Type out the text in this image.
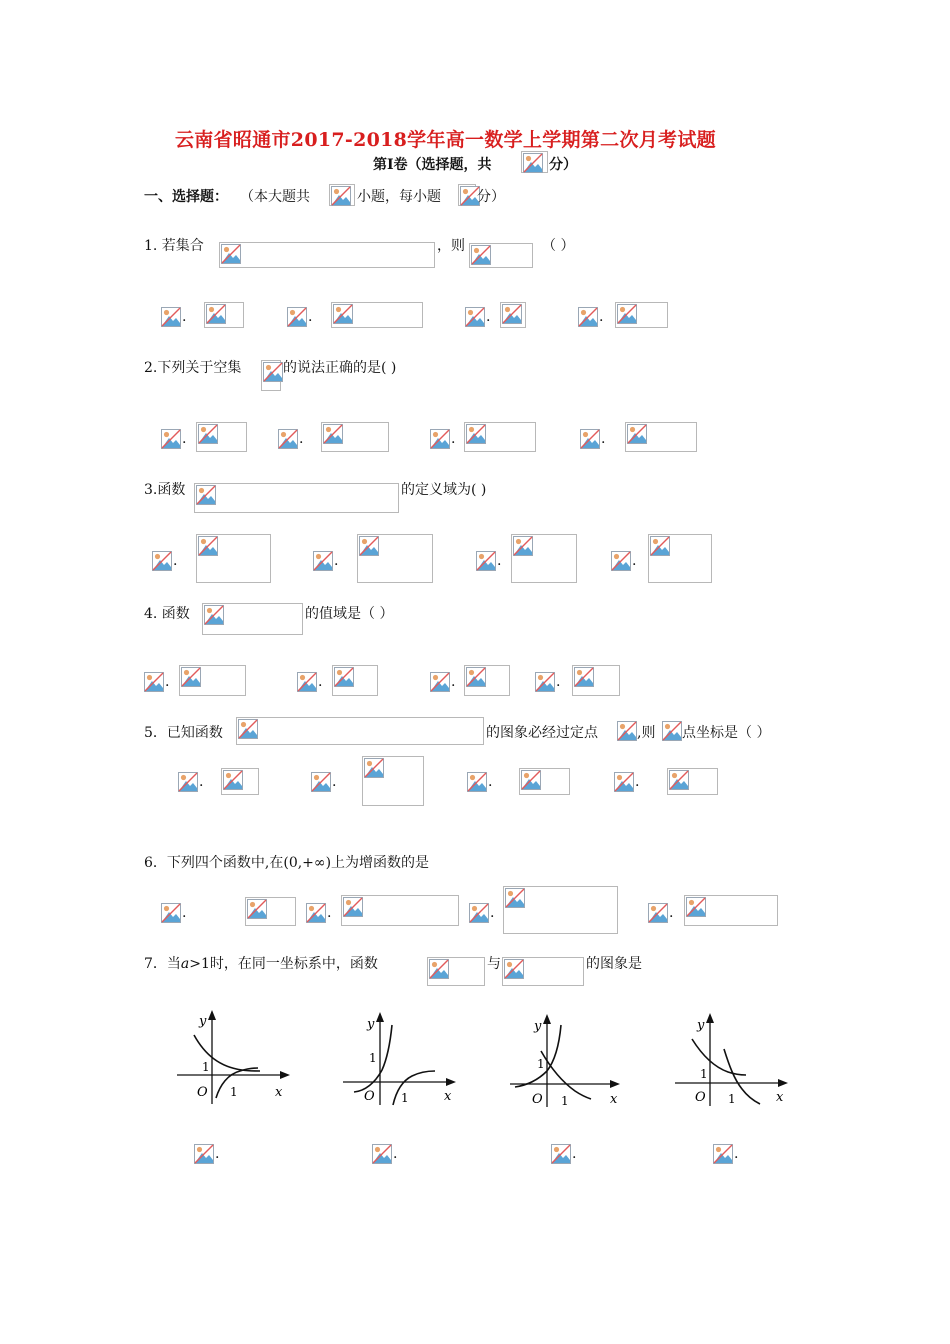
云南省昭通市2017-2018学年高一数学上学期第二次月考试题
第I卷（选择题，共	分）
一、选择题： （本大题共	小题，每小题	分）
1. 若集合	，则	（ ）
.	.	.	.
2.下列关于空集	的说法正确的是( )
.	.	.	.
3.函数	的定义域为( )
.	.	.	.
4. 函数	的值域是（ ）
.	.	.	.
5．已知函数	的图象必经过定点	,则 点坐标是（ ）
.	.	.	.
6．下列四个函数中,在(0,+∞)上为增函数的是
.	.	.	.
7．当a>1时，在同一坐标系中，函数	与	的图象是
y
x
O 1
1
y
x
O 1
1
y
x
O 1
1
y
x
O 1
1
.	.	.	.
